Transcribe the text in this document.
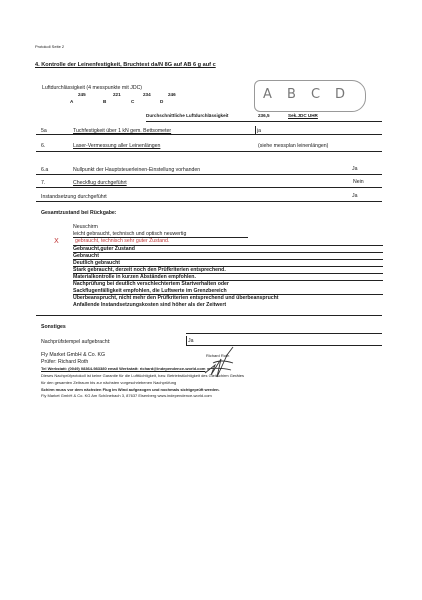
Protokoll Seite 2
4. Kontrolle der Leinenfestigkeit, Bruchtest da/N 8G auf AB 6 g auf c
Luftdurchlässigkeit (4 messpunkte mit JDC)
245	221	234	246
A	B	C	D	A B C D
Durchschnittliche Luftdurchlässigkeit	236,5	Sek.JDC UHR
5a	Tuchfestigkeit über 1 kN gem. Bettsometer	ja
6.	Laser-Vermessung aller Leinenlängen	(siehe messplan leinenlängen)
6.a	Nullpunkt der Hauptsteuerleinen-Einstellung vorhanden	Ja
7.	Checkflug durchgeführt	Nein
Instandsetzung durchgeführt	Ja
Gesamtzustand bei Rückgabe:
X
Neuschirm
leicht gebraucht, technisch und optisch neuwertig
gebraucht, technisch sehr guter Zustand.
Gebraucht,guter Zustand
Gebraucht
Deutlich gebraucht
Stark gebraucht, derzeit noch den Prüfkriterien entsprechend.
Materialkontrolle in kurzen Abständen empfohlen.
Nachprüfung bei deutlich verschlechtertem Startverhalten oder
Sackflugenfälligkeit empfohlen, die Luftwerte im Grenzbereich
Überbeansprucht, nicht mehr den Prüfkriterien entsprechend und überbeansprucht
Anfallende Instandsetzungskosten sind höher als der Zeitwert
Sonstiges
Nachprüfstempel aufgebracht:	Ja
Fly Market GmbH & Co. KG
Prüfer: Richard Roth
Tel Werkstatt: (0049) 08364-983380 email Werkstatt: richard@independence-world.com
Dieses Nachprüfprotokoll ist keine Garantie für die Lufttüchtigkeit, bzw. Betriebstüchtigkeit des Gleitschirm Gerätes
für den gesamten Zeitraum bis zur nächsten vorgeschriebenen Nachprüfung
Schirm muss vor dem nächsten Flug im Wind aufgezogen und nochmals sichtgeprüft werden.
Fly Market GmbH & Co. KG Am Schönebach 3, 87637 Eisenberg www.independence-world.com
Richard Roth
